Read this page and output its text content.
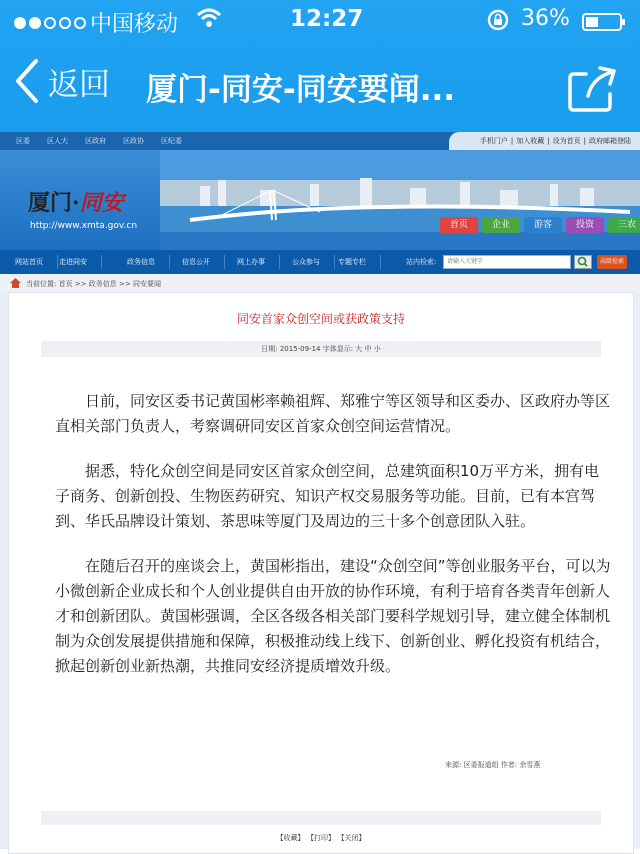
中国移动	12:27	36%
返回 厦门-同安-同安要闻...
区委 区人大 区政府 区政协 区纪委	手机门户 | 加入收藏 | 设为首页 | 政府邮箱登陆
厦门·同安
http://www.xmta.gov.cn	首页	企业	游客	投资	三农
网站首页 走进同安	政务信息	信息公开	网上办事	公众参与	专题专栏	站内检索:
请输入关键字	高级检索
当前位置: 首页 >> 政务信息 >> 同安要闻
同安首家众创空间或获政策支持
日期: 2015-09-14 字体显示: 大 中 小

日前，同安区委书记黄国彬率赖祖辉、郑雅宁等区领导和区委办、区政府办等区直相关部门负责人，考察调研同安区首家众创空间运营情况。

据悉，特化众创空间是同安区首家众创空间，总建筑面积10万平方米，拥有电子商务、创新创投、生物医药研究、知识产权交易服务等功能。目前，已有本宫驾到、华氏品牌设计策划、茶思味等厦门及周边的三十多个创意团队入驻。

在随后召开的座谈会上，黄国彬指出，建设“众创空间”等创业服务平台，可以为小微创新企业成长和个人创业提供自由开放的协作环境，有利于培育各类青年创新人才和创新团队。黄国彬强调，全区各级各相关部门要科学规划引导，建立健全体制机制为众创发展提供措施和保障，积极推动线上线下、创新创业、孵化投资有机结合，掀起创新创业新热潮，共推同安经济提质增效升级。

来源: 区委报道组 作者: 余雪燕
【收藏】 【打印】 【关闭】
